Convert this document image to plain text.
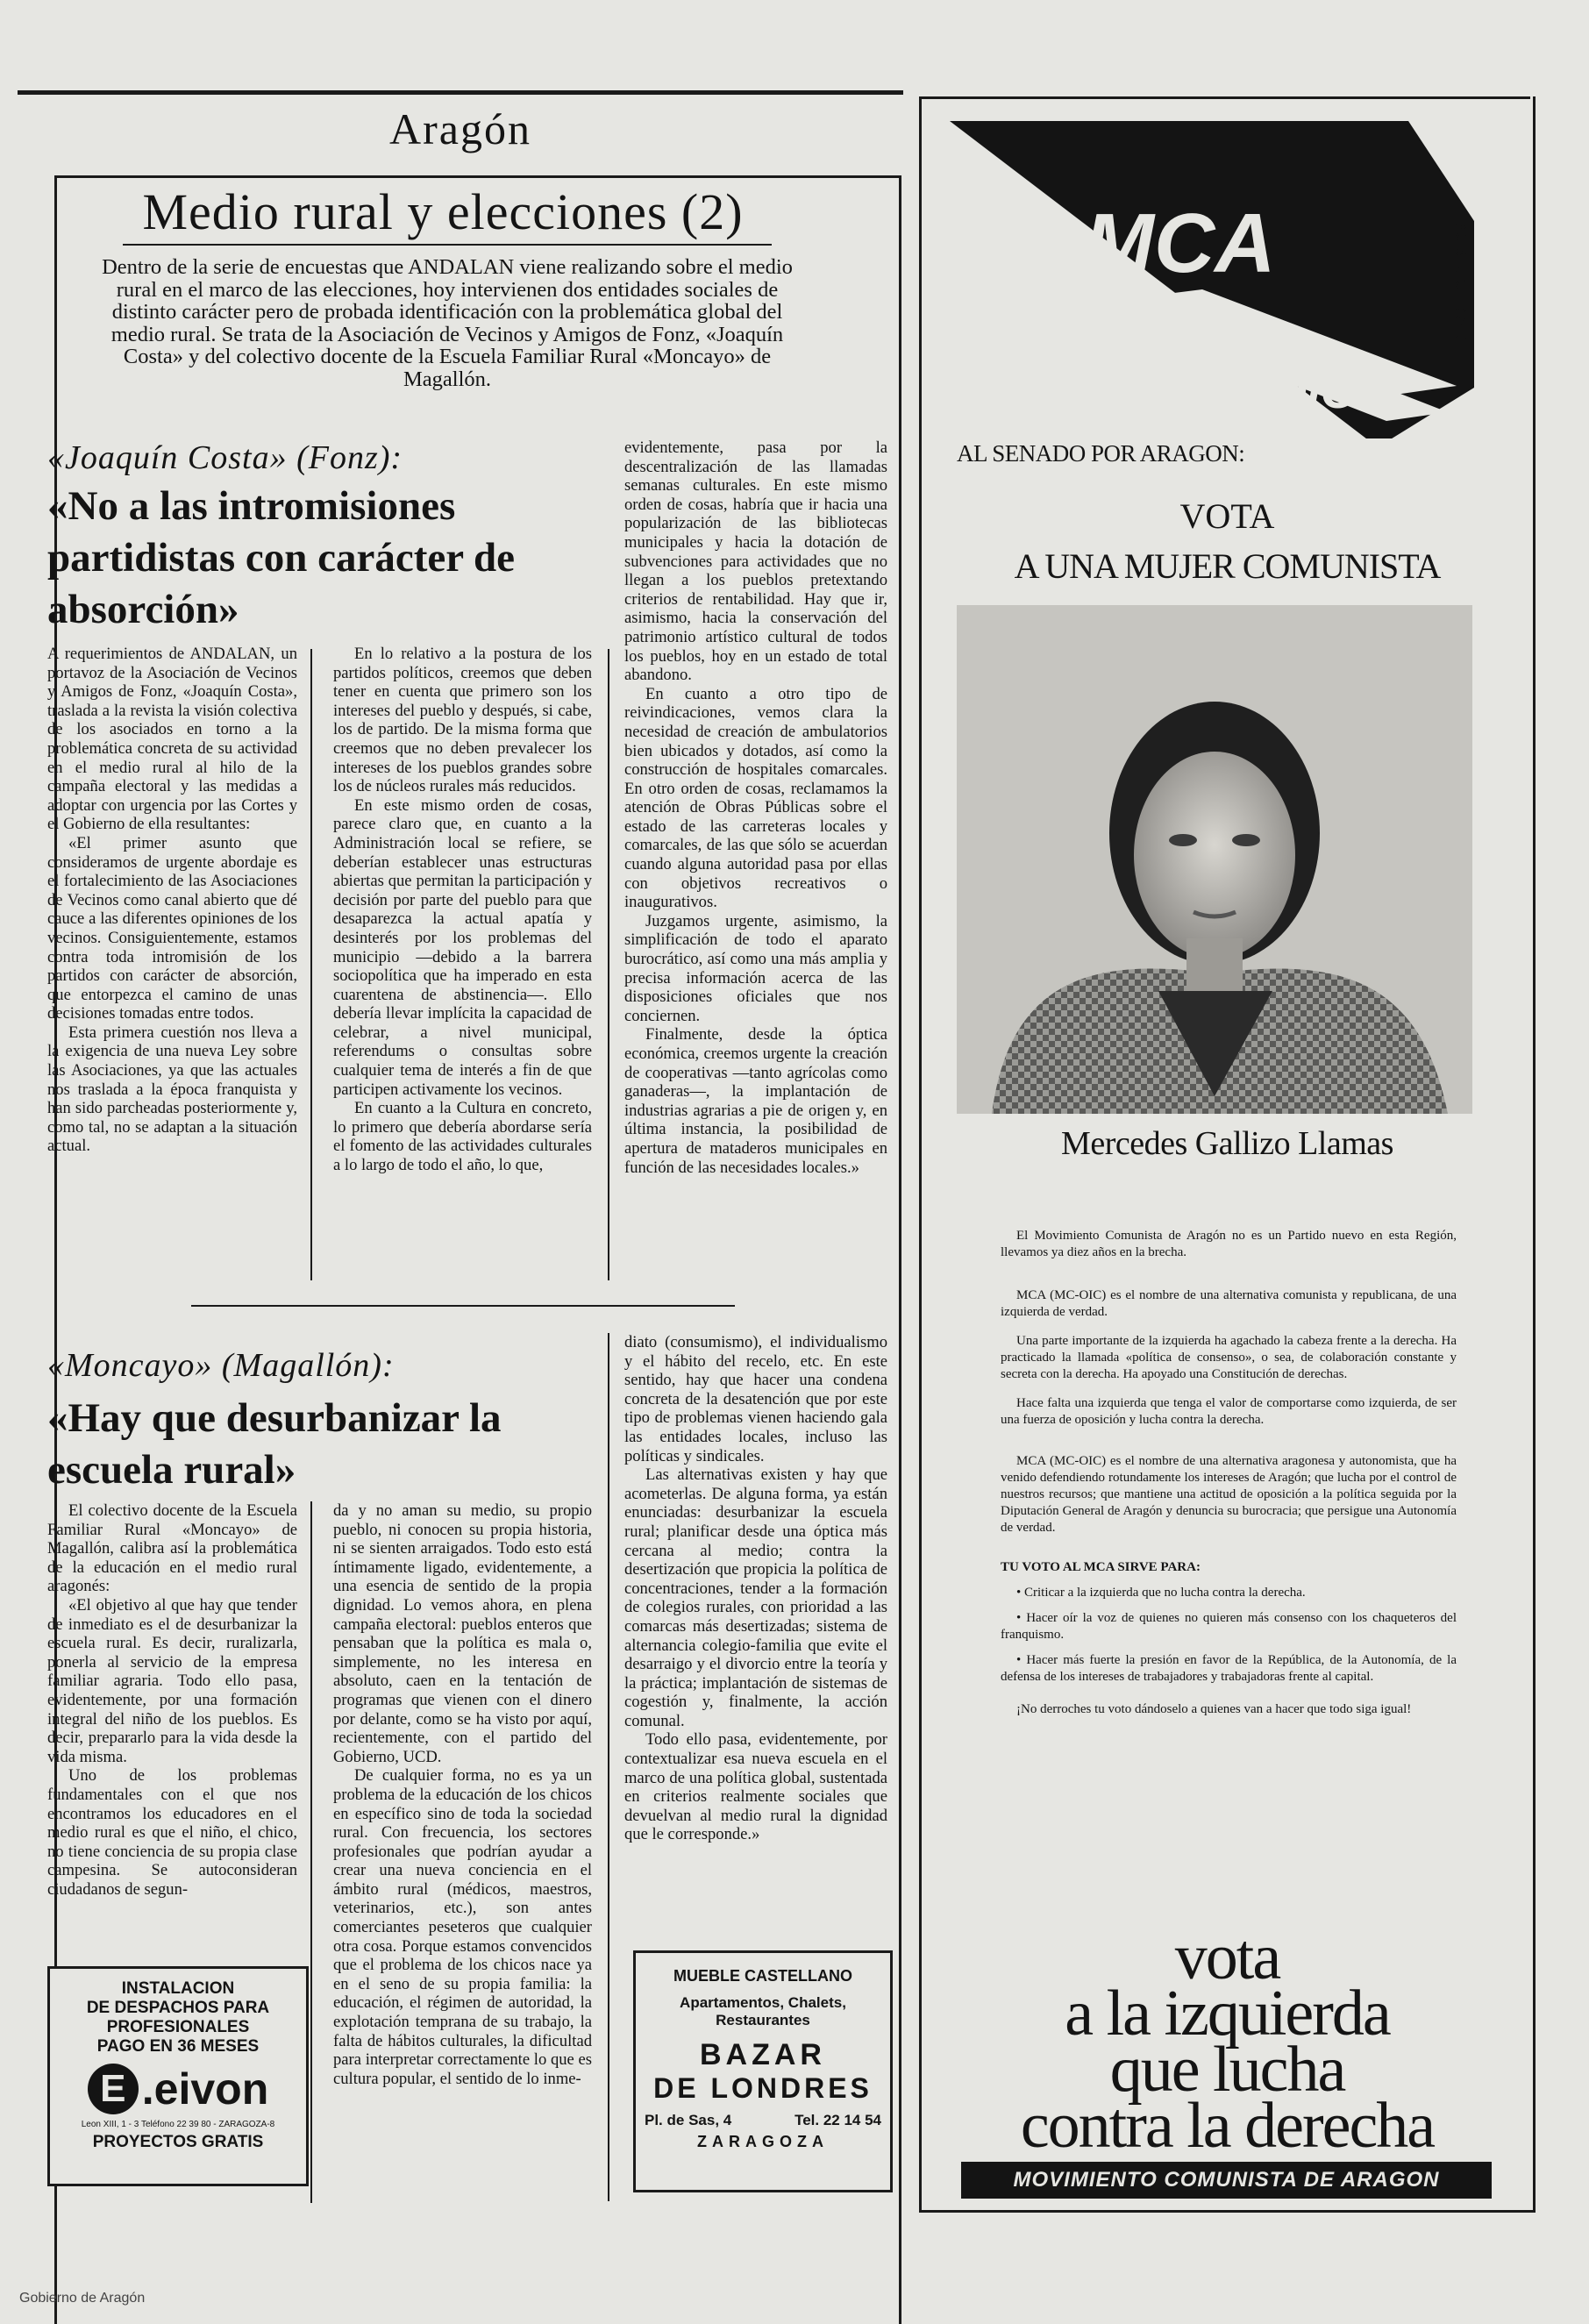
Aragón
Medio rural y elecciones (2)
Dentro de la serie de encuestas que ANDALAN viene realizando sobre el medio rural en el marco de las elecciones, hoy intervienen dos entidades sociales de distinto carácter pero de probada identificación con la problemática global del medio rural. Se trata de la Asociación de Vecinos y Amigos de Fonz, «Joaquín Costa» y del colectivo docente de la Escuela Familiar Rural «Moncayo» de Magallón.
«Joaquín Costa» (Fonz):
«No a las intromisiones partidistas con carácter de absorción»

A requerimientos de ANDALAN, un portavoz de la Asociación de Vecinos y Amigos de Fonz, «Joaquín Costa», traslada a la revista la visión colectiva de los asociados en torno a la problemática concreta de su actividad en el medio rural al hilo de la campaña electoral y las medidas a adoptar con urgencia por las Cortes y el Gobierno de ella resultantes:

«El primer asunto que consideramos de urgente abordaje es el fortalecimiento de las Asociaciones de Vecinos como canal abierto que dé cauce a las diferentes opiniones de los vecinos. Consiguientemente, estamos contra toda intromisión de los partidos con carácter de absorción, que entorpezca el camino de unas decisiones tomadas entre todos.

Esta primera cuestión nos lleva a la exigencia de una nueva Ley sobre las Asociaciones, ya que las actuales nos traslada a la época franquista y han sido parcheadas posteriormente y, como tal, no se adaptan a la situación actual.

En lo relativo a la postura de los partidos políticos, creemos que deben tener en cuenta que primero son los intereses del pueblo y después, si cabe, los de partido. De la misma forma que creemos que no deben prevalecer los intereses de los pueblos grandes sobre los de núcleos rurales más reducidos.

En este mismo orden de cosas, parece claro que, en cuanto a la Administración local se refiere, se deberían establecer unas estructuras abiertas que permitan la participación y decisión por parte del pueblo para que desaparezca la actual apatía y desinterés por los problemas del municipio —debido a la barrera sociopolítica que ha imperado en esta cuarentena de abstinencia—. Ello debería llevar implícita la capacidad de celebrar, a nivel municipal, referendums o consultas sobre cualquier tema de interés a fin de que participen activamente los vecinos.

En cuanto a la Cultura en concreto, lo primero que debería abordarse sería el fomento de las actividades culturales a lo largo de todo el año, lo que,

evidentemente, pasa por la descentralización de las llamadas semanas culturales. En este mismo orden de cosas, habría que ir hacia una popularización de las bibliotecas municipales y hacia la dotación de subvenciones para actividades que no llegan a los pueblos pretextando criterios de rentabilidad. Hay que ir, asimismo, hacia la conservación del patrimonio artístico cultural de todos los pueblos, hoy en un estado de total abandono.

En cuanto a otro tipo de reivindicaciones, vemos clara la necesidad de creación de ambulatorios bien ubicados y dotados, así como la construcción de hospitales comarcales. En otro orden de cosas, reclamamos la atención de Obras Públicas sobre el estado de las carreteras locales y comarcales, de las que sólo se acuerdan cuando alguna autoridad pasa por ellas con objetivos recreativos o inaugurativos.

Juzgamos urgente, asimismo, la simplificación de todo el aparato burocrático, así como una más amplia y precisa información acerca de las disposiciones oficiales que nos conciernen.

Finalmente, desde la óptica económica, creemos urgente la creación de cooperativas —tanto agrícolas como ganaderas—, la implantación de industrias agrarias a pie de origen y, en última instancia, la posibilidad de apertura de mataderos municipales en función de las necesidades locales.»

«Moncayo» (Magallón):
«Hay que desurbanizar la escuela rural»

El colectivo docente de la Escuela Familiar Rural «Moncayo» de Magallón, calibra así la problemática de la educación en el medio rural aragonés:

«El objetivo al que hay que tender de inmediato es el de desurbanizar la escuela rural. Es decir, ruralizarla, ponerla al servicio de la empresa familiar agraria. Todo ello pasa, evidentemente, por una formación integral del niño de los pueblos. Es decir, prepararlo para la vida desde la vida misma.

Uno de los problemas fundamentales con el que nos encontramos los educadores en el medio rural es que el niño, el chico, no tiene conciencia de su propia clase campesina. Se autoconsideran ciudadanos de segun-

da y no aman su medio, su propio pueblo, ni conocen su propia historia, ni se sienten arraigados. Todo esto está íntimamente ligado, evidentemente, a una esencia de sentido de la propia dignidad. Lo vemos ahora, en plena campaña electoral: pueblos enteros que pensaban que la política es mala o, simplemente, no les interesa en absoluto, caen en la tentación de programas que vienen con el dinero por delante, como se ha visto por aquí, recientemente, con el partido del Gobierno, UCD.

De cualquier forma, no es ya un problema de la educación de los chicos en específico sino de toda la sociedad rural. Con frecuencia, los sectores profesionales que podrían ayudar a crear una nueva conciencia en el ámbito rural (médicos, maestros, veterinarios, etc.), son antes comerciantes peseteros que cualquier otra cosa. Porque estamos convencidos que el problema de los chicos nace ya en el seno de su propia familia: la educación, el régimen de autoridad, la explotación temprana de su trabajo, la falta de hábitos culturales, la dificultad para interpretar correctamente lo que es cultura popular, el sentido de lo inme-

diato (consumismo), el individualismo y el hábito del recelo, etc. En este sentido, hay que hacer una condena concreta de la desatención que por este tipo de problemas vienen haciendo gala las entidades locales, incluso las políticas y sindicales.

Las alternativas existen y hay que acometerlas. De alguna forma, ya están enunciadas: desurbanizar la escuela rural; planificar desde una óptica más cercana al medio; contra la desertización que propicia la política de concentraciones, tender a la formación de colegios rurales, con prioridad a las comarcas más desertizadas; sistema de alternancia colegio-familia que evite el desarraigo y el divorcio entre la teoría y la práctica; implantación de sistemas de cogestión y, finalmente, la acción comunal.

Todo ello pasa, evidentemente, por contextualizar esa nueva escuela en el marco de una política global, sustentada en criterios realmente sociales que devuelvan al medio rural la dignidad que le corresponde.»

INSTALACION
DE DESPACHOS PARA
PROFESIONALES
PAGO EN 36 MESES
E .eivon
Leon XIII, 1 - 3 Teléfono 22 39 80 - ZARAGOZA-8
PROYECTOS GRATIS
MUEBLE CASTELLANO
Apartamentos, Chalets,
Restaurantes
BAZAR
DE LONDRES
Pl. de Sas, 4	Tel. 22 14 54
ZARAGOZA
MCA
MC-OIC
AL SENADO POR ARAGON:
VOTA
A UNA MUJER COMUNISTA
Mercedes Gallizo Llamas

El Movimiento Comunista de Aragón no es un Partido nuevo en esta Región, llevamos ya diez años en la brecha.

MCA (MC-OIC) es el nombre de una alternativa comunista y republicana, de una izquierda de verdad.

Una parte importante de la izquierda ha agachado la cabeza frente a la derecha. Ha practicado la llamada «política de consenso», o sea, de colaboración constante y secreta con la derecha. Ha apoyado una Constitución de derechas.

Hace falta una izquierda que tenga el valor de comportarse como izquierda, de ser una fuerza de oposición y lucha contra la derecha.

MCA (MC-OIC) es el nombre de una alternativa aragonesa y autonomista, que ha venido defendiendo rotundamente los intereses de Aragón; que lucha por el control de nuestros recursos; que mantiene una actitud de oposición a la política seguida por la Diputación General de Aragón y denuncia su burocracia; que persigue una Autonomía de verdad.

TU VOTO AL MCA SIRVE PARA:
• Criticar a la izquierda que no lucha contra la derecha.
• Hacer oír la voz de quienes no quieren más consenso con los chaqueteros del franquismo.
• Hacer más fuerte la presión en favor de la República, de la Autonomía, de la defensa de los intereses de trabajadores y trabajadoras frente al capital.

¡No derroches tu voto dándoselo a quienes van a hacer que todo siga igual!

vota
a la izquierda
que lucha
contra la derecha
MOVIMIENTO COMUNISTA DE ARAGON
PUBLICIDAD
Gobierno de Aragón
